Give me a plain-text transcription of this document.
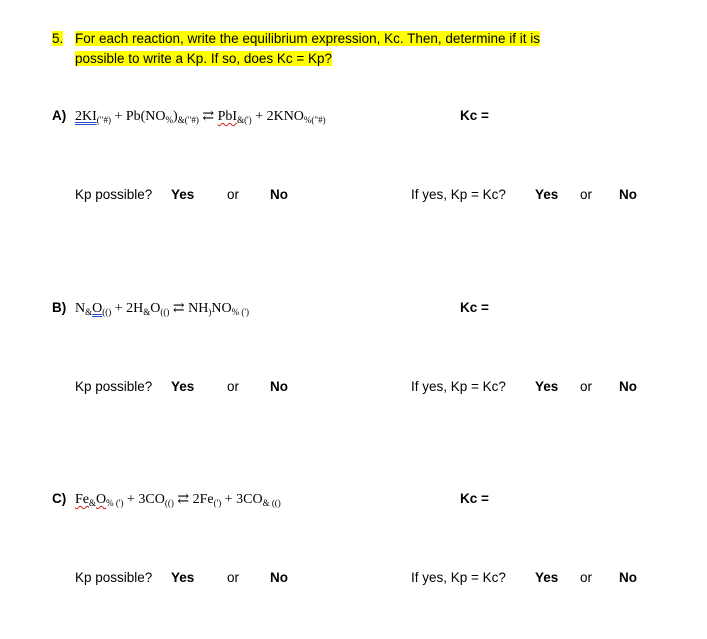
5. For each reaction, write the equilibrium expression, Kc. Then, determine if it is
possible to write a Kp. If so, does Kc = Kp?
A) $2KI_{("\#)} + Pb(NO_{\%})_{\&("\#)}$ ⇄ $PbI_{\&(')} + 2KNO_{\%("\#)}$	Kc =
Kp possible? Yes or No	If yes, Kp = Kc? Yes or No
B) $N_{\&}O_{(()} + 2H_{\&}O_{(()}$ ⇄ $NH_)NO_{\% (')}$	Kc =
Kp possible? Yes or No	If yes, Kp = Kc? Yes or No
C) $Fe_{\&}O_{\% (')} + 3CO_{(()}$ ⇄ $2Fe_{(')} + 3CO_{\& (()}$	Kc =
Kp possible? Yes or No	If yes, Kp = Kc? Yes or No
